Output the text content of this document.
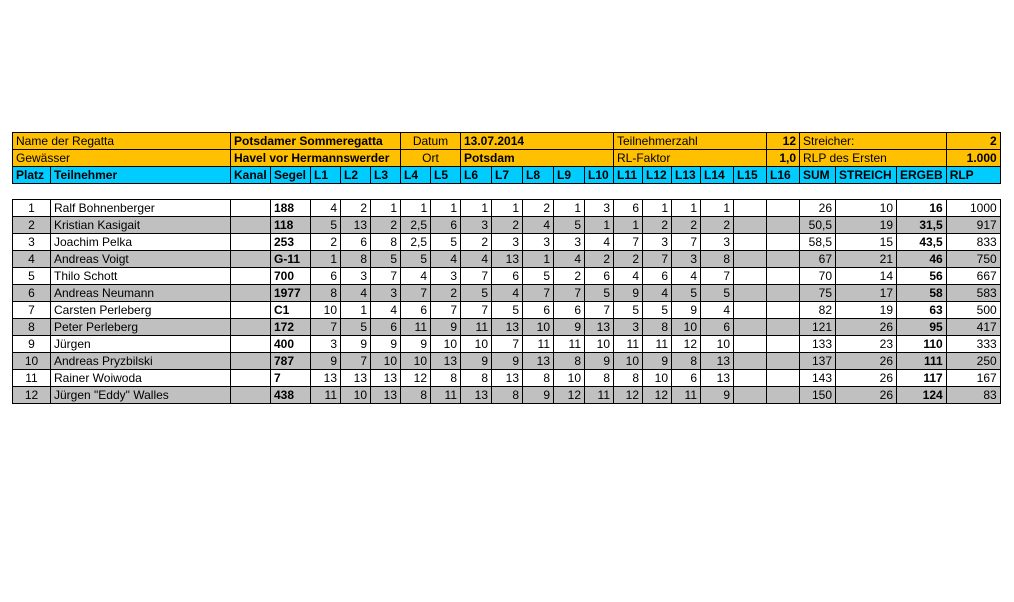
Name der Regatta		Potsdamer Sommeregatta					Datum		13.07.2014					Teilnehmerzahl					12	Streicher:			2
Gewässer		Havel vor Hermannswerder					Ort		Potsdam					RL-Faktor					1,0	RLP des Ersten			1.000
Platz	Teilnehmer	Kanal	Segel	L1	L2	L3	L4	L5	L6	L7	L8	L9	L10	L11	L12	L13	L14	L15	L16	SUM	STREICH	ERGEB	RLP

1	Ralf Bohnenberger		188	4	2	1	1	1	1	1	2	1	3	6	1	1	1			26	10	16	1000
2	Kristian Kasigait		118	5	13	2	2,5	6	3	2	4	5	1	1	2	2	2			50,5	19	31,5	917
3	Joachim Pelka		253	2	6	8	2,5	5	2	3	3	3	4	7	3	7	3			58,5	15	43,5	833
4	Andreas Voigt		G-11	1	8	5	5	4	4	13	1	4	2	2	7	3	8			67	21	46	750
5	Thilo Schott		700	6	3	7	4	3	7	6	5	2	6	4	6	4	7			70	14	56	667
6	Andreas Neumann		1977	8	4	3	7	2	5	4	7	7	5	9	4	5	5			75	17	58	583
7	Carsten Perleberg		C1	10	1	4	6	7	7	5	6	6	7	5	5	9	4			82	19	63	500
8	Peter Perleberg		172	7	5	6	11	9	11	13	10	9	13	3	8	10	6			121	26	95	417
9	Jürgen		400	3	9	9	9	10	10	7	11	11	10	11	11	12	10			133	23	110	333
10	Andreas Pryzbilski		787	9	7	10	10	13	9	9	13	8	9	10	9	8	13			137	26	111	250
11	Rainer Woiwoda		7	13	13	13	12	8	8	13	8	10	8	8	10	6	13			143	26	117	167
12	Jürgen "Eddy" Walles		438	11	10	13	8	11	13	8	9	12	11	12	12	11	9			150	26	124	83
